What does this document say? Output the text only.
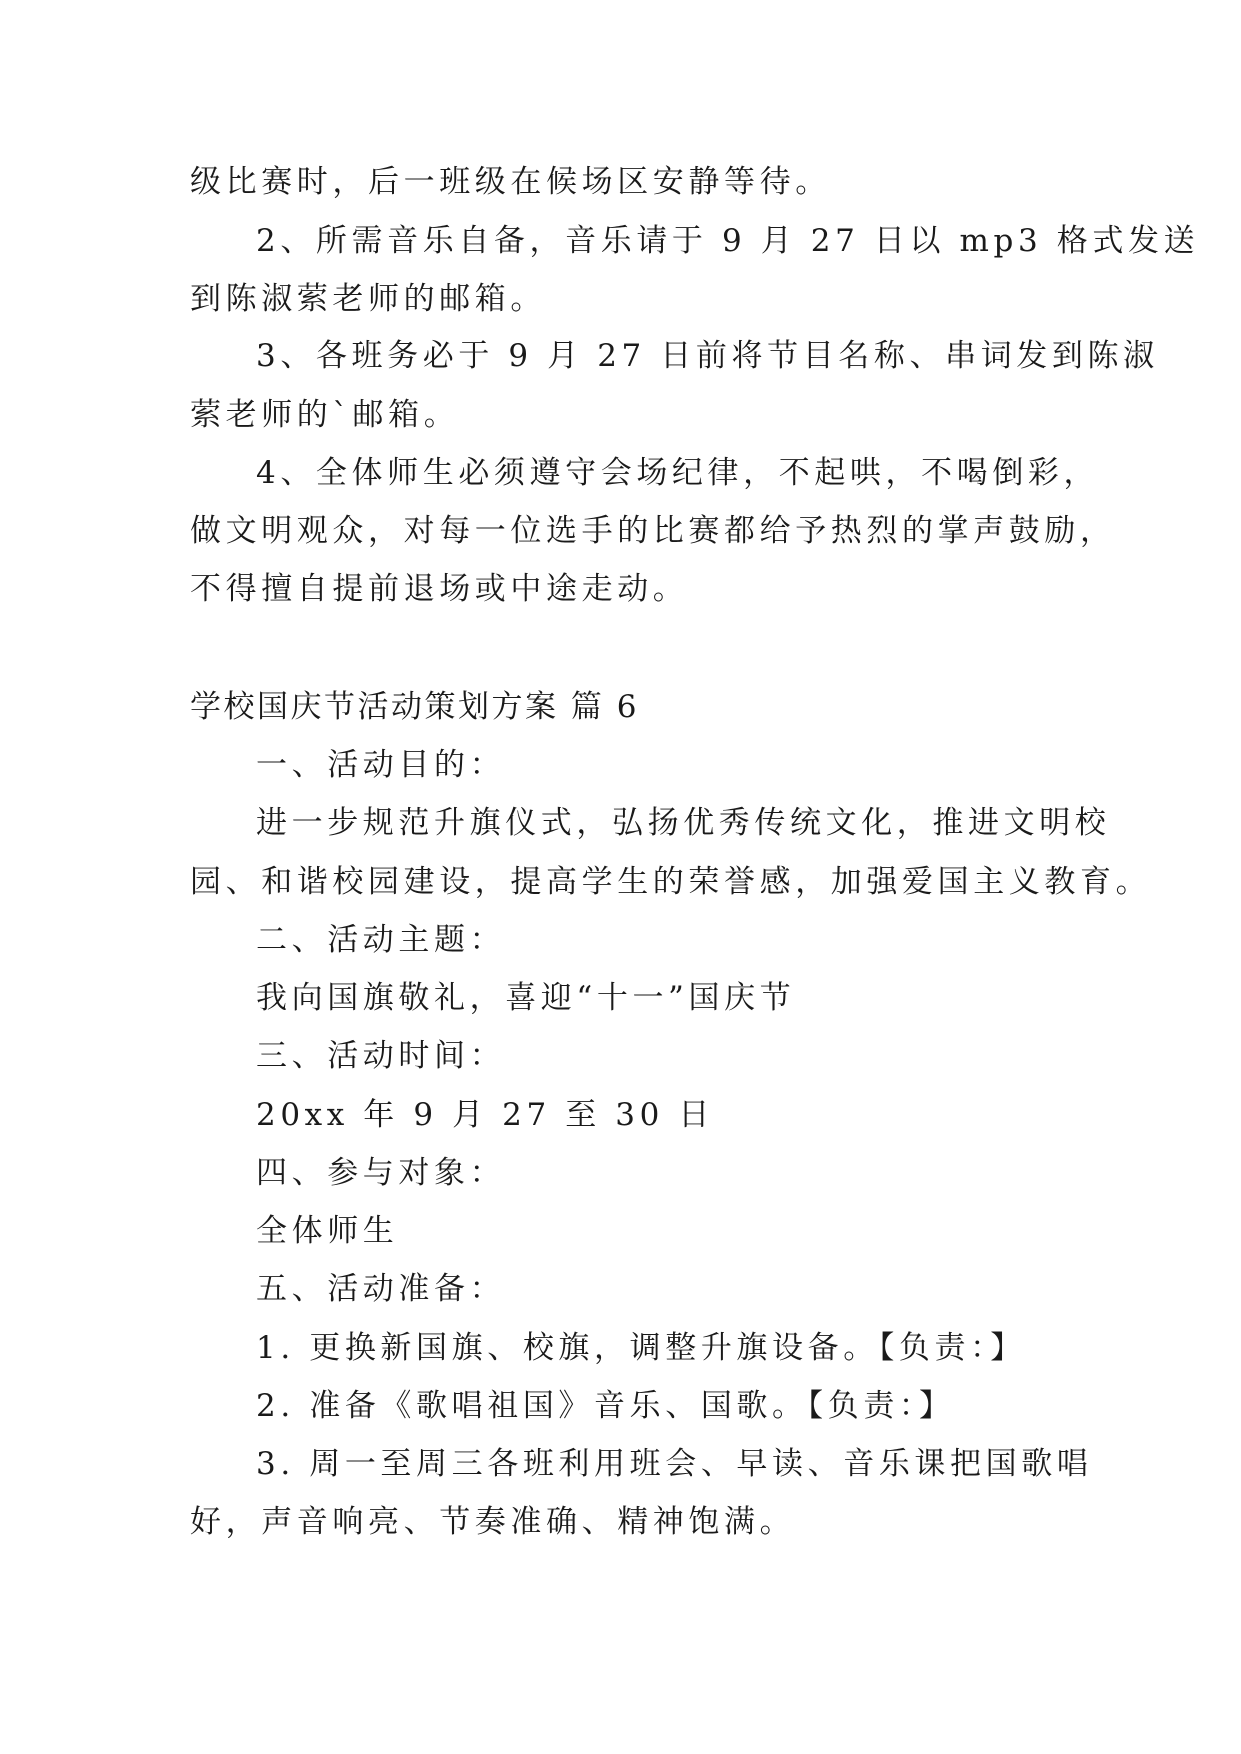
级比赛时，后一班级在候场区安静等待。
2、所需音乐自备，音乐请于 9 月 27 日以 mp3 格式发送
到陈淑萦老师的邮箱。
3、各班务必于 9 月 27 日前将节目名称、串词发到陈淑
萦老师的`邮箱。
4、全体师生必须遵守会场纪律，不起哄，不喝倒彩，
做文明观众，对每一位选手的比赛都给予热烈的掌声鼓励，
不得擅自提前退场或中途走动。
学校国庆节活动策划方案 篇 6
一、活动目的：
进一步规范升旗仪式，弘扬优秀传统文化，推进文明校
园、和谐校园建设，提高学生的荣誉感，加强爱国主义教育。
二、活动主题：
我向国旗敬礼，喜迎“十一”国庆节
三、活动时间：
20xx 年 9 月 27 至 30 日
四、参与对象：
全体师生
五、活动准备：
1. 更换新国旗、校旗，调整升旗设备。【负责：】
2. 准备《歌唱祖国》音乐、国歌。【负责：】
3. 周一至周三各班利用班会、早读、音乐课把国歌唱
好，声音响亮、节奏准确、精神饱满。
